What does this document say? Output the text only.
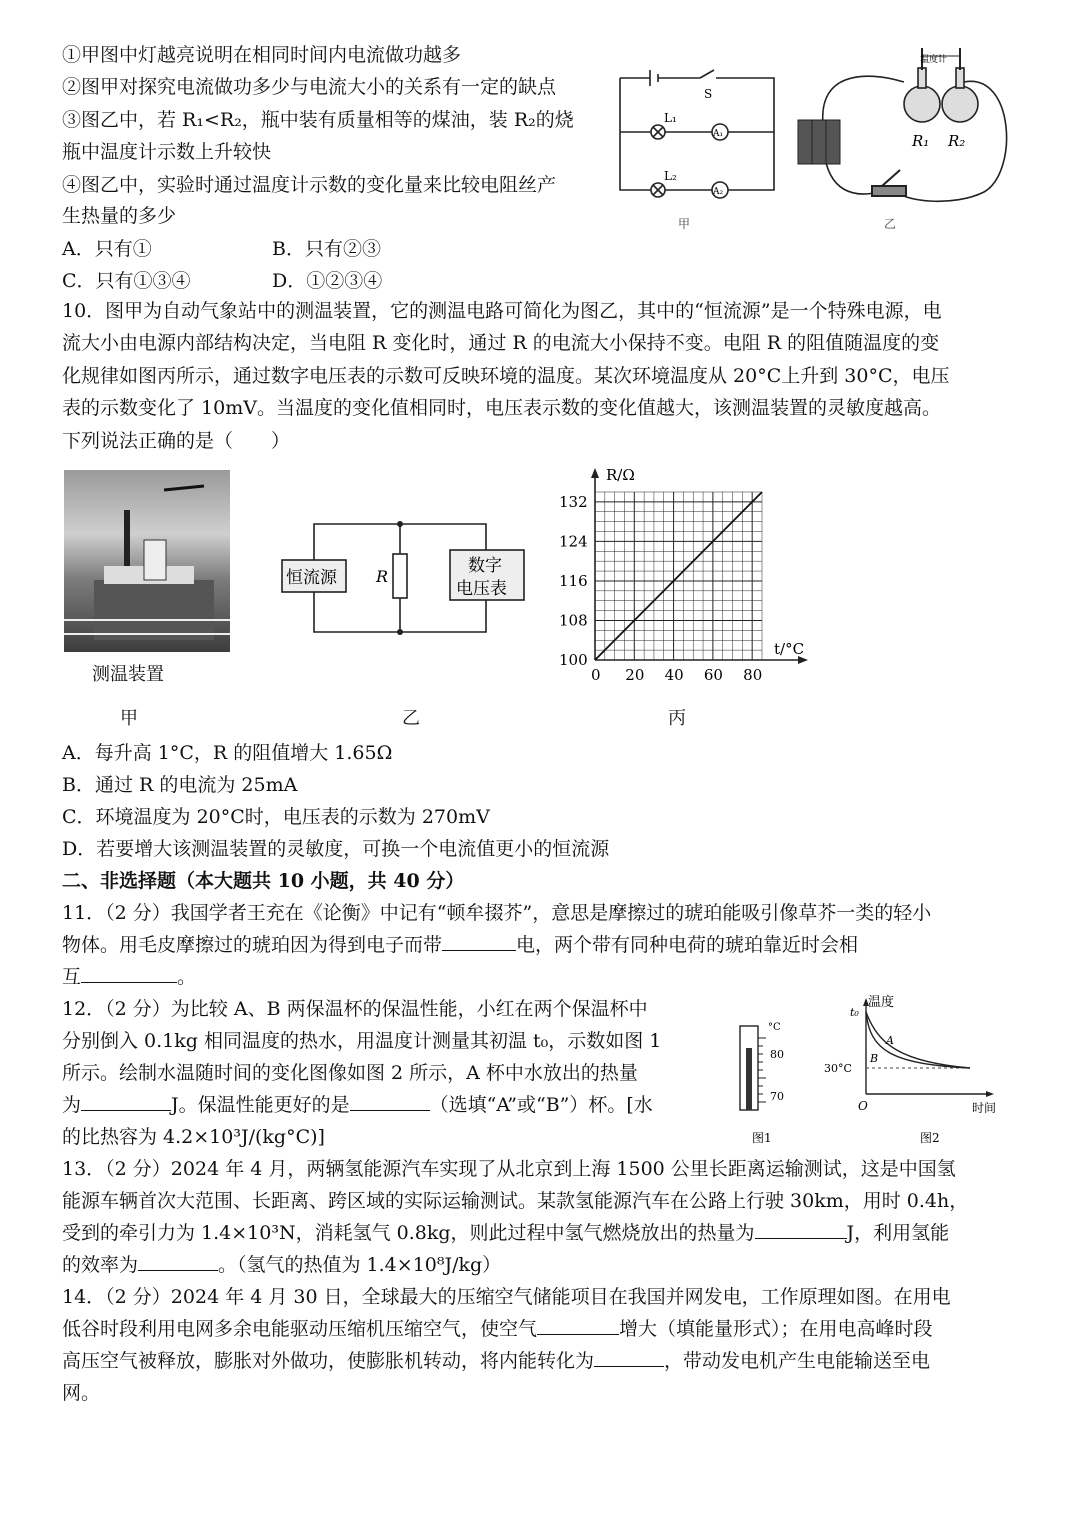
①甲图中灯越亮说明在相同时间内电流做功越多
②图甲对探究电流做功多少与电流大小的关系有一定的缺点
③图乙中，若 R₁<R₂，瓶中装有质量相等的煤油，装 R₂的烧
瓶中温度计示数上升较快
④图乙中，实验时通过温度计示数的变化量来比较电阻丝产
生热量的多少
A．只有①	B．只有②③
C．只有①③④	D．①②③④
S
L₁
L₂
A₁
A₂
甲
温度计
R₁ R₂
乙
10．图甲为自动气象站中的测温装置，它的测温电路可简化为图乙，其中的“恒流源”是一个特殊电源，电
流大小由电源内部结构决定，当电阻 R 变化时，通过 R 的电流大小保持不变。电阻 R 的阻值随温度的变
化规律如图丙所示，通过数字电压表的示数可反映环境的温度。某次环境温度从 20°C上升到 30°C，电压
表的示数变化了 10mV。当温度的变化值相同时，电压表示数的变化值越大，该测温装置的灵敏度越高。
下列说法正确的是（　　）
测温装置
甲
恒流源 R
数字
电压表
乙
0 20 40 60 80
100
108
116
124
132
R/Ω
t/°C
丙
A．每升高 1°C，R 的阻值增大 1.65Ω
B．通过 R 的电流为 25mA
C．环境温度为 20°C时，电压表的示数为 270mV
D．若要增大该测温装置的灵敏度，可换一个电流值更小的恒流源
二、非选择题（本大题共 10 小题，共 40 分）
11．（2 分）我国学者王充在《论衡》中记有“顿牟掇芥”，意思是摩擦过的琥珀能吸引像草芥一类的轻小
物体。用毛皮摩擦过的琥珀因为得到电子而带	电，两个带有同种电荷的琥珀靠近时会相
互	。
12．（2 分）为比较 A、B 两保温杯的保温性能，小红在两个保温杯中
分别倒入 0.1kg 相同温度的热水，用温度计测量其初温 t₀，示数如图 1
所示。绘制水温随时间的变化图像如图 2 所示，A 杯中水放出的热量
为	J。保温性能更好的是	（选填“A”或“B”）杯。[水
的比热容为 4.2×10³J/(kg°C)]
°C
80
70
图1
温度
t₀
A
B
30°C
O	时间
图2
13．（2 分）2024 年 4 月，两辆氢能源汽车实现了从北京到上海 1500 公里长距离运输测试，这是中国氢
能源车辆首次大范围、长距离、跨区域的实际运输测试。某款氢能源汽车在公路上行驶 30km，用时 0.4h，
受到的牵引力为 1.4×10³N，消耗氢气 0.8kg，则此过程中氢气燃烧放出的热量为	J，利用氢能
的效率为	。（氢气的热值为 1.4×10⁸J/kg）
14．（2 分）2024 年 4 月 30 日，全球最大的压缩空气储能项目在我国并网发电，工作原理如图。在用电
低谷时段利用电网多余电能驱动压缩机压缩空气，使空气	增大（填能量形式）；在用电高峰时段
高压空气被释放，膨胀对外做功，使膨胀机转动，将内能转化为	，带动发电机产生电能输送至电
网。
